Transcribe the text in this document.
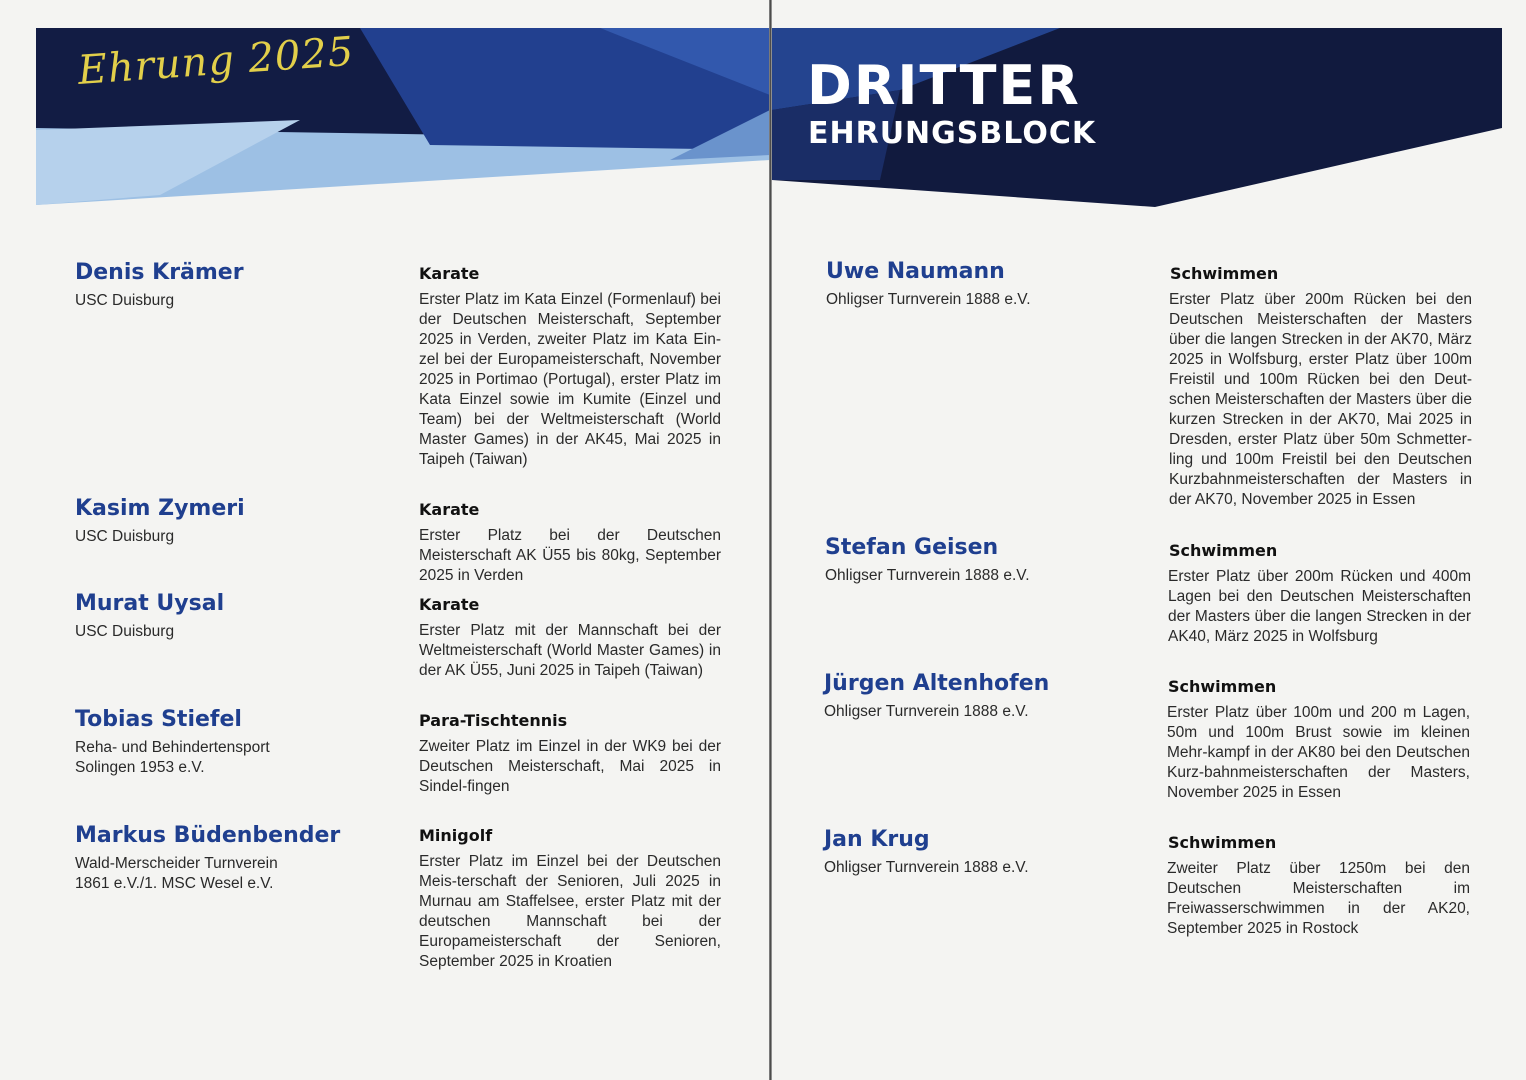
Ehrung 2025	DRITTER
EHRUNGSBLOCK
Denis Krämer
USC Duisburg
Karate
Erster Platz im Kata Einzel (Formenlauf) bei der Deutschen Meisterschaft, September 2025 in Verden, zweiter Platz im Kata Ein-zel bei der Europameisterschaft, November 2025 in Portimao (Portugal), erster Platz im Kata Einzel sowie im Kumite (Einzel und Team) bei der Weltmeisterschaft (World Master Games) in der AK45, Mai 2025 in Taipeh (Taiwan)
Kasim Zymeri
USC Duisburg
Karate
Erster Platz bei der Deutschen Meisterschaft AK Ü55 bis 80kg, September 2025 in Verden
Murat Uysal
USC Duisburg
Karate
Erster Platz mit der Mannschaft bei der Weltmeisterschaft (World Master Games) in der AK Ü55, Juni 2025 in Taipeh (Taiwan)
Tobias Stiefel
Reha- und Behindertensport
Solingen 1953 e.V.
Para-Tischtennis
Zweiter Platz im Einzel in der WK9 bei der Deutschen Meisterschaft, Mai 2025 in Sindel-fingen
Markus Büdenbender
Wald-Merscheider Turnverein
1861 e.V./1. MSC Wesel e.V.
Minigolf
Erster Platz im Einzel bei der Deutschen Meis-terschaft der Senioren, Juli 2025 in Murnau am Staffelsee, erster Platz mit der deutschen Mannschaft bei der Europameisterschaft der Senioren, September 2025 in Kroatien
Uwe Naumann
Ohligser Turnverein 1888 e.V.
Schwimmen
Erster Platz über 200m Rücken bei den Deutschen Meisterschaften der Masters über die langen Strecken in der AK70, März 2025 in Wolfsburg, erster Platz über 100m Freistil und 100m Rücken bei den Deut-schen Meisterschaften der Masters über die kurzen Strecken in der AK70, Mai 2025 in Dresden, erster Platz über 50m Schmetter-ling und 100m Freistil bei den Deutschen Kurzbahnmeisterschaften der Masters in der AK70, November 2025 in Essen
Stefan Geisen
Ohligser Turnverein 1888 e.V.
Schwimmen
Erster Platz über 200m Rücken und 400m Lagen bei den Deutschen Meisterschaften der Masters über die langen Strecken in der AK40, März 2025 in Wolfsburg
Jürgen Altenhofen
Ohligser Turnverein 1888 e.V.
Schwimmen
Erster Platz über 100m und 200 m Lagen, 50m und 100m Brust sowie im kleinen Mehr-kampf in der AK80 bei den Deutschen Kurz-bahnmeisterschaften der Masters, November 2025 in Essen
Jan Krug
Ohligser Turnverein 1888 e.V.
Schwimmen
Zweiter Platz über 1250m bei den Deutschen Meisterschaften im Freiwasserschwimmen in der AK20, September 2025 in Rostock
